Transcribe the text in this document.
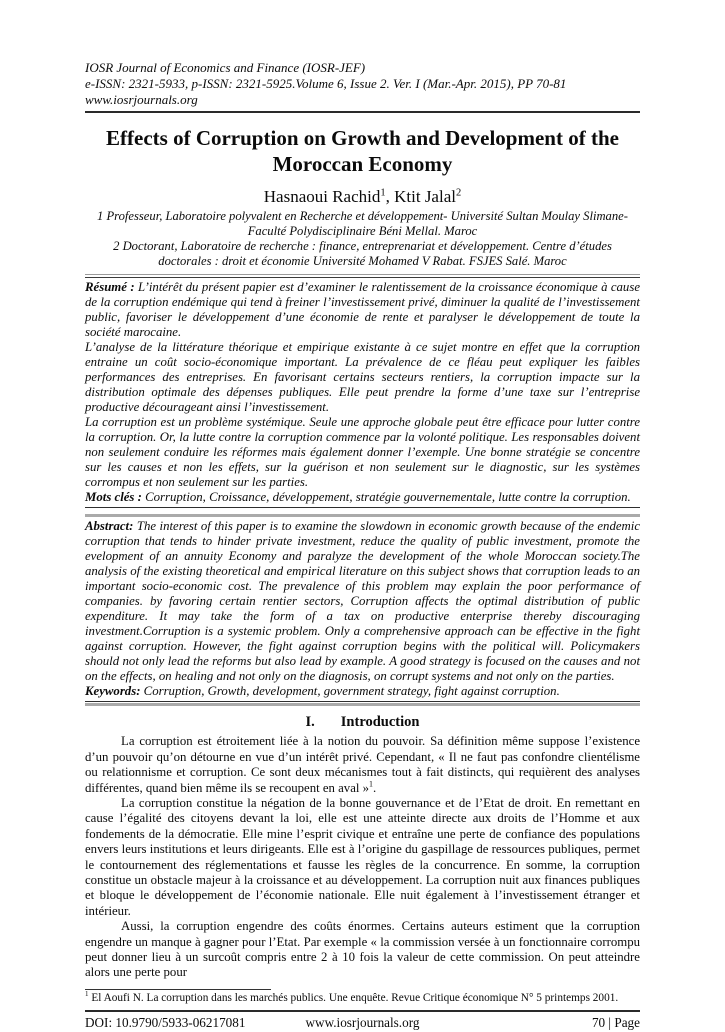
IOSR Journal of Economics and Finance (IOSR-JEF)
e-ISSN: 2321-5933, p-ISSN: 2321-5925.Volume 6, Issue 2. Ver. I (Mar.-Apr. 2015), PP 70-81
www.iosrjournals.org
Effects of Corruption on Growth and Development of the Moroccan Economy
Hasnaoui Rachid$^1$, Ktit Jalal$^2$
1 Professeur, Laboratoire polyvalent en Recherche et développement- Université Sultan Moulay Slimane- Faculté Polydisciplinaire Béni Mellal. Maroc
2 Doctorant, Laboratoire de recherche : finance, entreprenariat et développement. Centre d’études doctorales : droit et économie Université Mohamed V Rabat. FSJES Salé. Maroc

Résumé : L’intérêt du présent papier est d’examiner le ralentissement de la croissance économique à cause de la corruption endémique qui tend à freiner l’investissement privé, diminuer la qualité de l’investissement public, favoriser le développement d’une économie de rente et paralyser le développement de toute la société marocaine.

L’analyse de la littérature théorique et empirique existante à ce sujet montre en effet que la corruption entraine un coût socio-économique important. La prévalence de ce fléau peut expliquer les faibles performances des entreprises. En favorisant certains secteurs rentiers, la corruption impacte sur la distribution optimale des dépenses publiques. Elle peut prendre la forme d’une taxe sur l’entreprise productive décourageant ainsi l’investissement.

La corruption est un problème systémique. Seule une approche globale peut être efficace pour lutter contre la corruption. Or, la lutte contre la corruption commence par la volonté politique. Les responsables doivent non seulement conduire les réformes mais également donner l’exemple. Une bonne stratégie se concentre sur les causes et non les effets, sur la guérison et non seulement sur le diagnostic, sur les systèmes corrompus et non seulement sur les parties.

Mots clés : Corruption, Croissance, développement, stratégie gouvernementale, lutte contre la corruption.

Abstract: The interest of this paper is to examine the slowdown in economic growth because of the endemic corruption that tends to hinder private investment, reduce the quality of public investment, promote the evelopment of an annuity Economy and paralyze the development of the whole Moroccan society.The analysis of the existing theoretical and empirical literature on this subject shows that corruption leads to an important socio-economic cost. The prevalence of this problem may explain the poor performance of companies. by favoring certain rentier sectors, Corruption affects the optimal distribution of public expenditure. It may take the form of a tax on productive enterprise thereby discouraging investment.Corruption is a systemic problem. Only a comprehensive approach can be effective in the fight against corruption. However, the fight against corruption begins with the political will. Policymakers should not only lead the reforms but also lead by example. A good strategy is focused on the causes and not on the effects, on healing and not only on the diagnosis, on corrupt systems and not only on the parties.

Keywords: Corruption, Growth, development, government strategy, fight against corruption.

I. Introduction

La corruption est étroitement liée à la notion du pouvoir. Sa définition même suppose l’existence d’un pouvoir qu’on détourne en vue d’un intérêt privé. Cependant, « Il ne faut pas confondre clientélisme ou relationnisme et corruption. Ce sont deux mécanismes tout à fait distincts, qui requièrent des analyses différentes, quand bien même ils se recoupent en aval »$^1$.

La corruption constitue la négation de la bonne gouvernance et de l’Etat de droit. En remettant en cause l’égalité des citoyens devant la loi, elle est une atteinte directe aux droits de l’Homme et aux fondements de la démocratie. Elle mine l’esprit civique et entraîne une perte de confiance des populations envers leurs institutions et leurs dirigeants. Elle est à l’origine du gaspillage de ressources publiques, permet le contournement des réglementations et fausse les règles de la concurrence. En somme, la corruption constitue un obstacle majeur à la croissance et au développement. La corruption nuit aux finances publiques et bloque le développement de l’économie nationale. Elle nuit également à l’investissement étranger et intérieur.

Aussi, la corruption engendre des coûts énormes. Certains auteurs estiment que la corruption engendre un manque à gagner pour l’Etat. Par exemple « la commission versée à un fonctionnaire corrompu peut donner lieu à un surcoût compris entre 2 à 10 fois la valeur de cette commission. On peut atteindre alors une perte pour

$^1$ El Aoufi N. La corruption dans les marchés publics. Une enquête. Revue Critique économique N° 5 printemps 2001.
DOI: 10.9790/5933-06217081	www.iosrjournals.org	70 | Page
